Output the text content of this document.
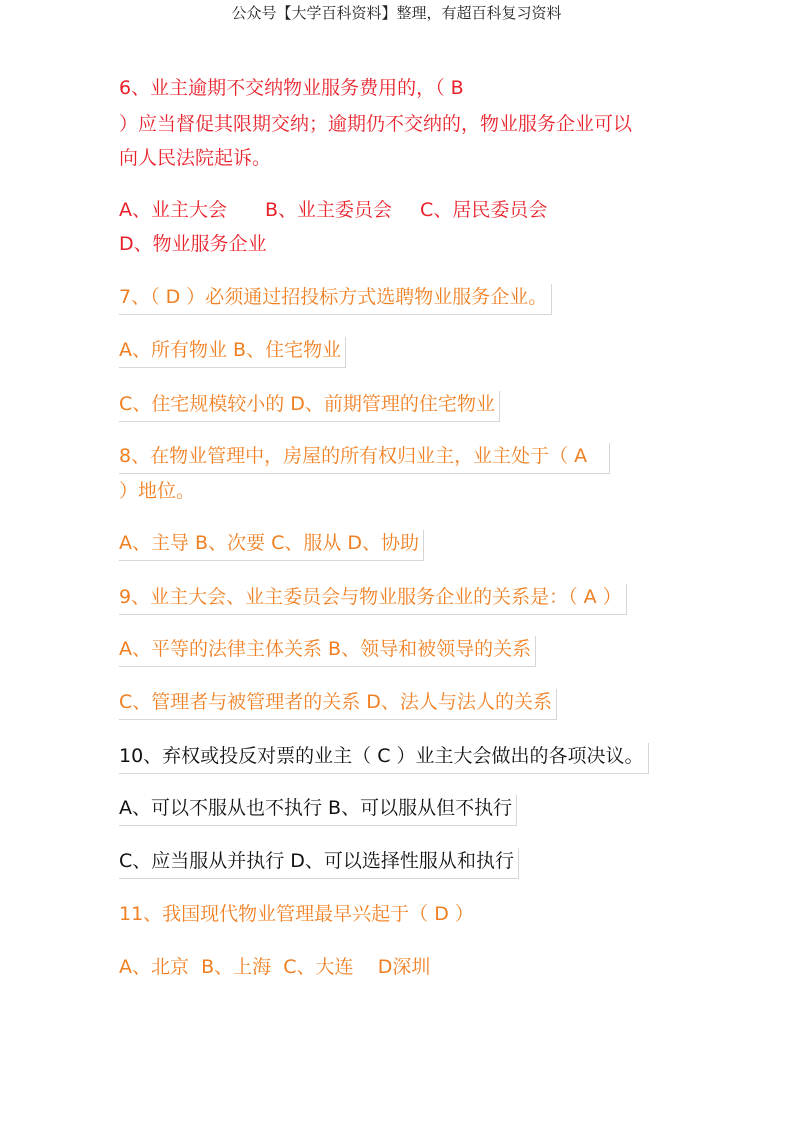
公众号【大学百科资料】整理，有超百科复习资料
6、业主逾期不交纳物业服务费用的，（ B
）应当督促其限期交纳；逾期仍不交纳的，物业服务企业可以
向人民法院起诉。
A、业主大会 B、业主委员会 C、居民委员会
D、物业服务企业
7、（ D ）必须通过招投标方式选聘物业服务企业。
A、所有物业 B、住宅物业
C、住宅规模较小的 D、前期管理的住宅物业
8、在物业管理中，房屋的所有权归业主，业主处于（ A
）地位。
A、主导 B、次要 C、服从 D、协助
9、业主大会、业主委员会与物业服务企业的关系是：（ A ）
A、平等的法律主体关系 B、领导和被领导的关系
C、管理者与被管理者的关系 D、法人与法人的关系
10、弃权或投反对票的业主（ C ）业主大会做出的各项决议。
A、可以不服从也不执行 B、可以服从但不执行
C、应当服从并执行 D、可以选择性服从和执行
11、我国现代物业管理最早兴起于（ D ）
A、北京 B、上海 C、大连 D深圳
